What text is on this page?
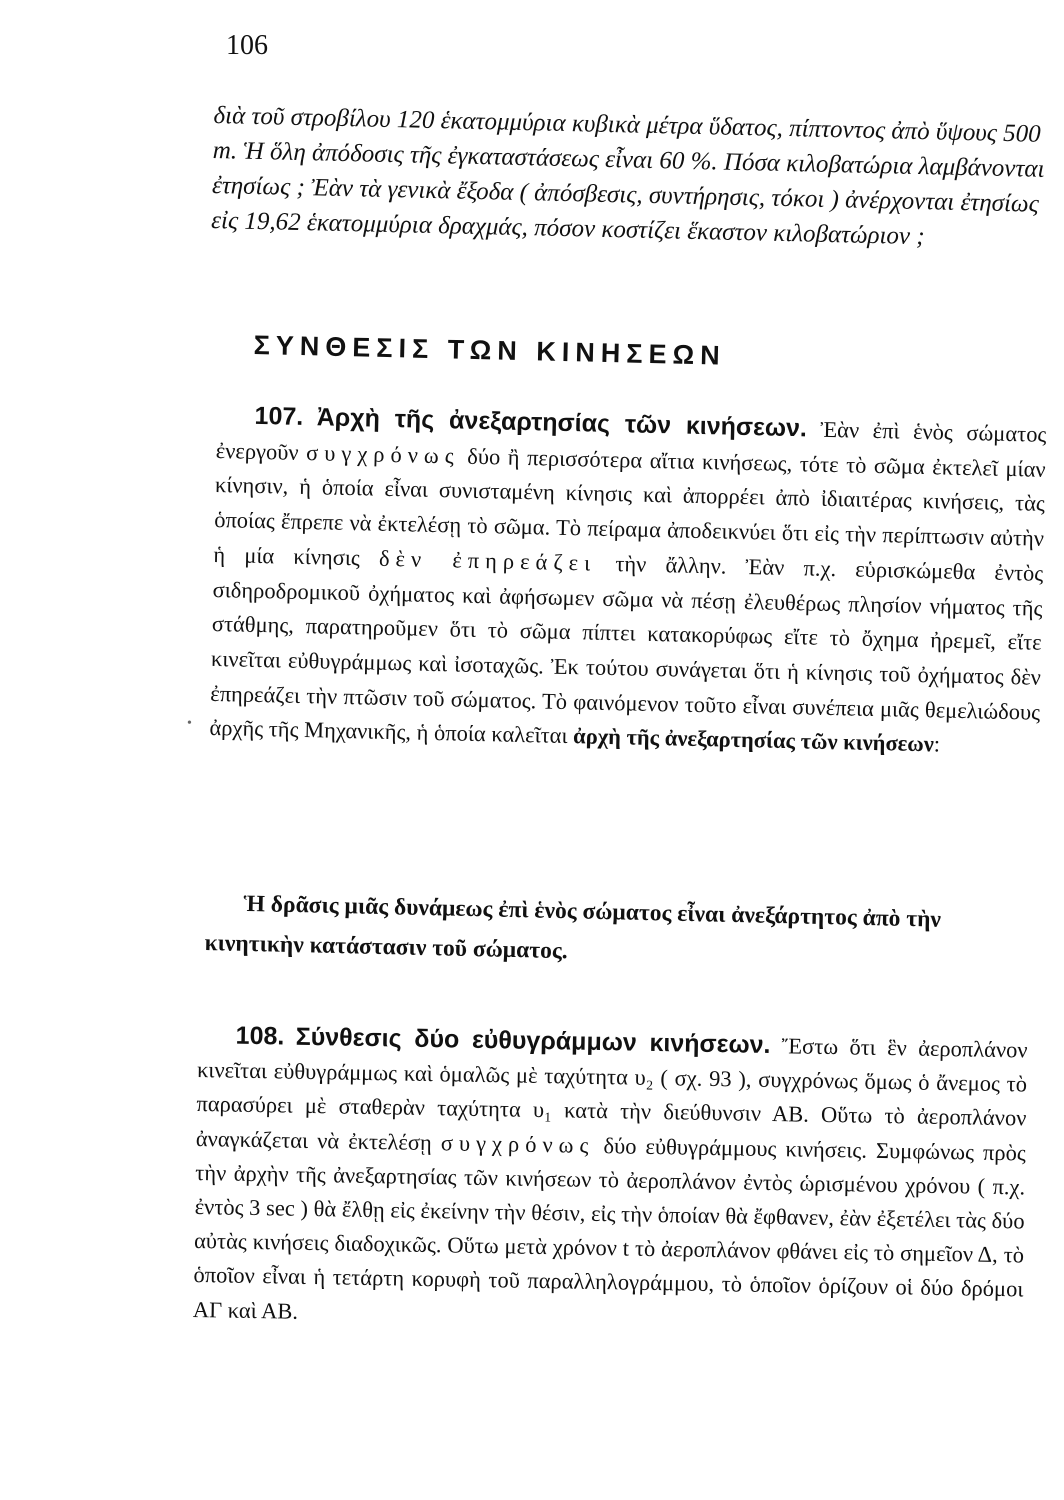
106
διὰ τοῦ στροβίλου 120 ἑκατομμύρια κυβικὰ μέτρα ὕδατος, πίπτοντος ἀπὸ ὕψους 500 m. Ἡ ὅλη ἀπόδοσις τῆς ἐγκαταστάσεως εἶναι 60 %. Πόσα κιλοβατώρια λαμβάνονται ἐτησίως ; Ἐὰν τὰ γενικὰ ἔξοδα ( ἀπόσβεσις, συντήρησις, τόκοι ) ἀνέρχονται ἐτησίως εἰς 19,62 ἑκατομμύρια δραχμάς, πόσον κοστίζει ἕκαστον κιλοβατώριον ;
ΣΥΝΘΕΣΙΣ ΤΩΝ ΚΙΝΗΣΕΩΝ
107. Ἀρχὴ τῆς ἀνεξαρτησίας τῶν κινήσεων. Ἐὰν ἐπὶ ἑνὸς σώματος ἐνεργοῦν συγχρόνως δύο ἢ περισσότερα αἴτια κινήσεως, τότε τὸ σῶμα ἐκτελεῖ μίαν κίνησιν, ἡ ὁποία εἶναι συνισταμένη κίνησις καὶ ἀπορρέει ἀπὸ ἰδιαιτέρας κινήσεις, τὰς ὁποίας ἔπρεπε νὰ ἐκτελέσῃ τὸ σῶμα. Τὸ πείραμα ἀποδεικνύει ὅτι εἰς τὴν περίπτωσιν αὐτὴν ἡ μία κίνησις δὲν ἐπηρεάζει τὴν ἄλλην. Ἐὰν π.χ. εὑρισκώμεθα ἐντὸς σιδηροδρομικοῦ ὀχήματος καὶ ἀφήσωμεν σῶμα νὰ πέσῃ ἐλευθέρως πλησίον νήματος τῆς στάθμης, παρατηροῦμεν ὅτι τὸ σῶμα πίπτει κατακορύφως εἴτε τὸ ὄχημα ἠρεμεῖ, εἴτε κινεῖται εὐθυγράμμως καὶ ἰσοταχῶς. Ἐκ τούτου συνάγεται ὅτι ἡ κίνησις τοῦ ὀχήματος δὲν ἐπηρεάζει τὴν πτῶσιν τοῦ σώματος. Τὸ φαινόμενον τοῦτο εἶναι συνέπεια μιᾶς θεμελιώδους ἀρχῆς τῆς Μηχανικῆς, ἡ ὁποία καλεῖται ἀρχὴ τῆς ἀνεξαρτησίας τῶν κινήσεων:
•
Ἡ δρᾶσις μιᾶς δυνάμεως ἐπὶ ἑνὸς σώματος εἶναι ἀνεξάρτητος ἀπὸ τὴν κινητικὴν κατάστασιν τοῦ σώματος.
108. Σύνθεσις δύο εὐθυγράμμων κινήσεων. Ἔστω ὅτι ἓν ἀεροπλάνον κινεῖται εὐθυγράμμως καὶ ὁμαλῶς μὲ ταχύτητα υ₂ ( σχ. 93 ), συγχρόνως ὅμως ὁ ἄνεμος τὸ παρασύρει μὲ σταθερὰν ταχύτητα υ₁ κατὰ τὴν διεύθυνσιν ΑΒ. Οὕτω τὸ ἀεροπλάνον ἀναγκάζεται νὰ ἐκτελέσῃ συγχρόνως δύο εὐθυγράμμους κινήσεις. Συμφώνως πρὸς τὴν ἀρχὴν τῆς ἀνεξαρτησίας τῶν κινήσεων τὸ ἀεροπλάνον ἐντὸς ὡρισμένου χρόνου ( π.χ. ἐντὸς 3 sec ) θὰ ἔλθῃ εἰς ἐκείνην τὴν θέσιν, εἰς τὴν ὁποίαν θὰ ἔφθανεν, ἐὰν ἐξετέλει τὰς δύο αὐτὰς κινήσεις διαδοχικῶς. Οὕτω μετὰ χρόνον t τὸ ἀεροπλάνον φθάνει εἰς τὸ σημεῖον Δ, τὸ ὁποῖον εἶναι ἡ τετάρτη κορυφὴ τοῦ παραλληλογράμμου, τὸ ὁποῖον ὁρίζουν οἱ δύο δρόμοι ΑΓ καὶ ΑΒ.
